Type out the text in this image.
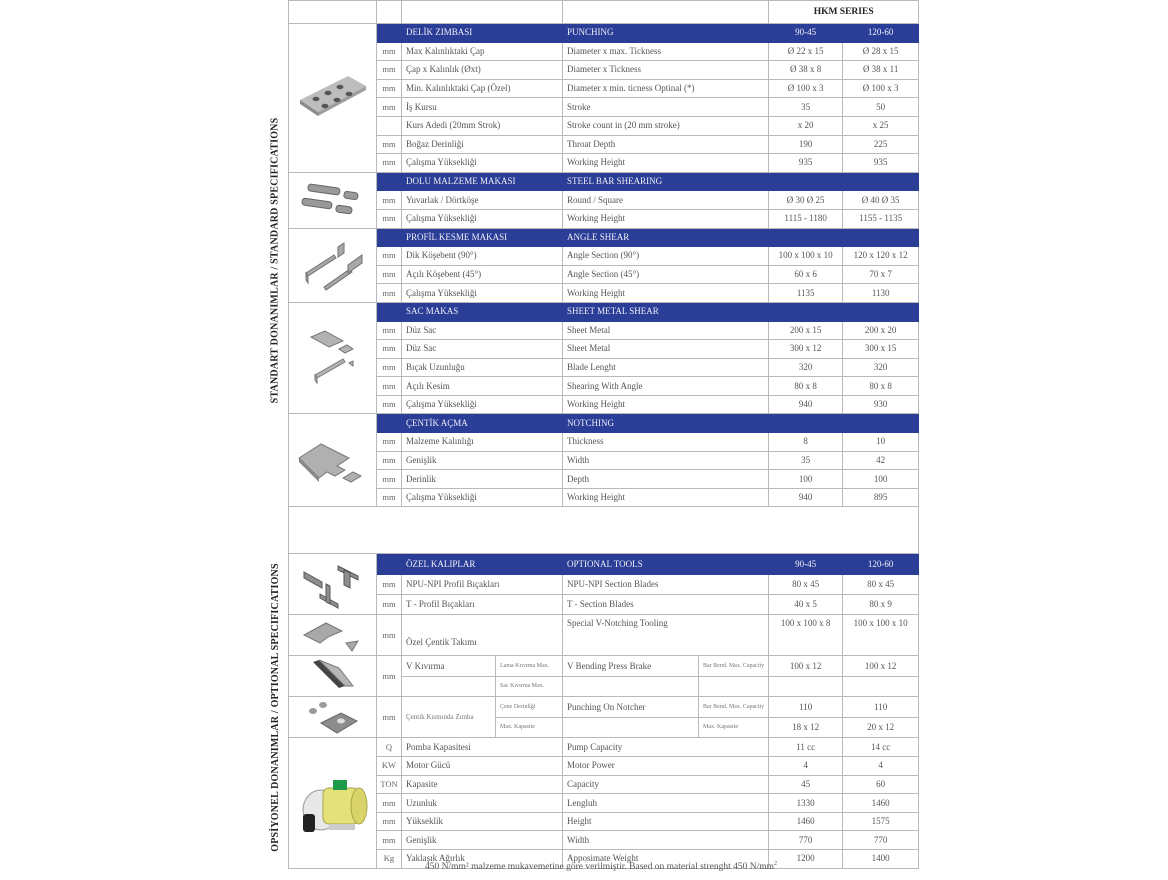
STANDART DONANIMLAR / STANDARD SPECIFICATIONS
OPSİYONEL DONANIMLAR / OPTIONAL SPECIFICATIONS
						HKM SERIES	

		DELİK ZIMBASI		PUNCHING		90-45	120-60
	mm	Max Kalınlıktaki Çap		Diameter x max. Tickness		Ø 22 x 15	Ø 28 x 15
	mm	Çap x Kalınlık (Øxt)		Diameter x Tickness		Ø 38 x 8	Ø 38 x 11
	mm	Min. Kalınlıktaki Çap (Özel)		Diameter x min. ticness Optinal (*)		Ø 100 x 3	Ø 100 x 3
	mm	İş Kursu		Stroke		35	50
		Kurs Adedi (20mm Strok)		Stroke count in (20 mm stroke)		x 20	x 25
	mm	Boğaz Derinliği		Throat Depth		190	225
	mm	Çalışma Yüksekliği		Working Height		935	935

		DOLU MALZEME MAKASI		STEEL BAR SHEARING			
	mm	Yuvarlak / Dörtköşe		Round / Square		Ø 30 Ø 25	Ø 40 Ø 35
	mm	Çalışma Yüksekliği		Working Height		1115 - 1180	1155 - 1135

		PROFİL KESME MAKASI		ANGLE SHEAR			
	mm	Dik Köşebent (90°)		Angle Section (90°)		100 x 100 x 10	120 x 120 x 12
	mm	Açılı Köşebent (45°)		Angle Section (45°)		60 x 6	70 x 7
	mm	Çalışma Yüksekliği		Working Height		1135	1130

		SAC MAKAS		SHEET METAL SHEAR			
	mm	Düz Sac		Sheet Metal		200 x 15	200 x 20
	mm	Düz Sac		Sheet Metal		300 x 12	300 x 15
	mm	Bıçak Uzunluğu		Blade Lenght		320	320
	mm	Açılı Kesim		Shearing With Angle		80 x 8	80 x 8
	mm	Çalışma Yüksekliği		Working Height		940	930

		ÇENTİK AÇMA		NOTCHING			
	mm	Malzeme Kalınlığı		Thickness		8	10
	mm	Genişlik		Width		35	42
	mm	Derinlik		Depth		100	100
	mm	Çalışma Yüksekliği		Working Height		940	895

		ÖZEL KALIPLAR		OPTIONAL TOOLS		90-45	120-60
	mm	NPU-NPI Profil Bıçakları		NPU-NPI Section Blades		80 x 45	80 x 45
	mm	T - Profil Bıçakları		T - Section Blades		40 x 5	80 x 9

	mm	Özel Çentik Takımı		Special V-Notching Tooling		100 x 100 x 8	100 x 100 x 10

	mm	V Kıvırma	Lama Kıvırma Max.	V Bending Press Brake	Bar Bend. Max. Capacity	100 x 12	100 x 12
			Sac Kıvırma Max.				

	mm	Çentik Kısmında Zımba	Çene Derinliği	Punching On Notcher	Bar Bend. Max. Capacity	110	110
			Max. Kapasite		Max. Kapasite	18 x 12	20 x 12

	Q	Pomba Kapasitesi		Pump Capacity		11 cc	14 cc
	KW	Motor Gücü		Motor Power		4	4
	TON	Kapasite		Capacity		45	60
	mm	Uzunluk		Lengluh		1330	1460
	mm	Yükseklik		Height		1460	1575
	mm	Genişlik		Width		770	770
	Kg	Yaklaşık Ağırlık		Apposimate Weight		1200	1400
450 N/mm² malzeme mukavemetine göre verilmiştir. Based on material strenght 450 $N/mm^2$
